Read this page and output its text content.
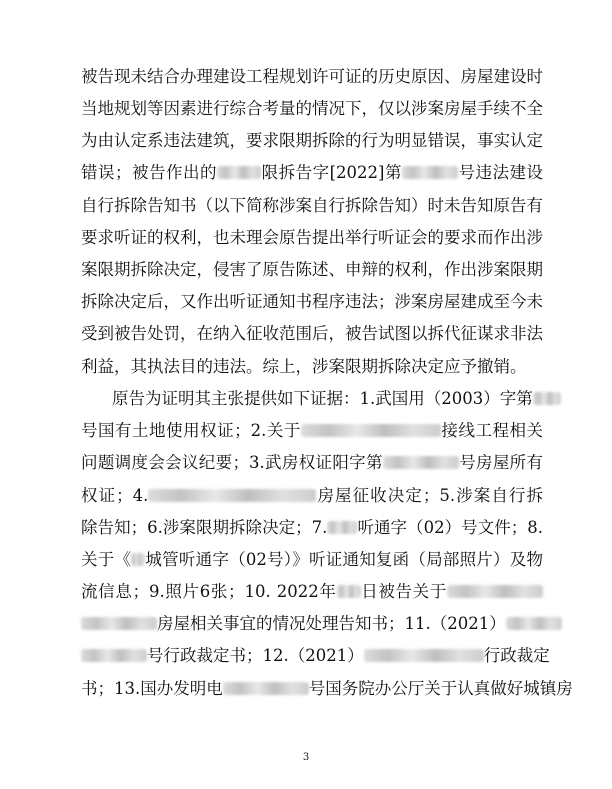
被告现未结合办理建设工程规划许可证的历史原因、房屋建设时
当地规划等因素进行综合考量的情况下，仅以涉案房屋手续不全
为由认定系违法建筑，要求限期拆除的行为明显错误，事实认定
错误；被告作出的	限拆告字[2022]第	号违法建设
自行拆除告知书（以下简称涉案自行拆除告知）时未告知原告有
要求听证的权利，也未理会原告提出举行听证会的要求而作出涉
案限期拆除决定，侵害了原告陈述、申辩的权利，作出涉案限期
拆除决定后，又作出听证通知书程序违法；涉案房屋建成至今未
受到被告处罚，在纳入征收范围后，被告试图以拆代征谋求非法
利益，其执法目的违法。综上，涉案限期拆除决定应予撤销。
原告为证明其主张提供如下证据：1.武国用（2003）字第
号国有土地使用权证；2.关于	接线工程相关
问题调度会会议纪要；3.武房权证阳字第	号房屋所有
权证；4.	房屋征收决定；5.涉案自行拆
除告知；6.涉案限期拆除决定；7. 听通字（02）号文件；8.
关于《 城管听通字（02号）》听证通知复函（局部照片）及物
流信息；9.照片6张；10. 2022年 日被告关于
房屋相关事宜的情况处理告知书；11.（2021）
号行政裁定书；12.（2021）	行政裁定
书；13.国办发明电	号国务院办公厅关于认真做好城镇房
3
